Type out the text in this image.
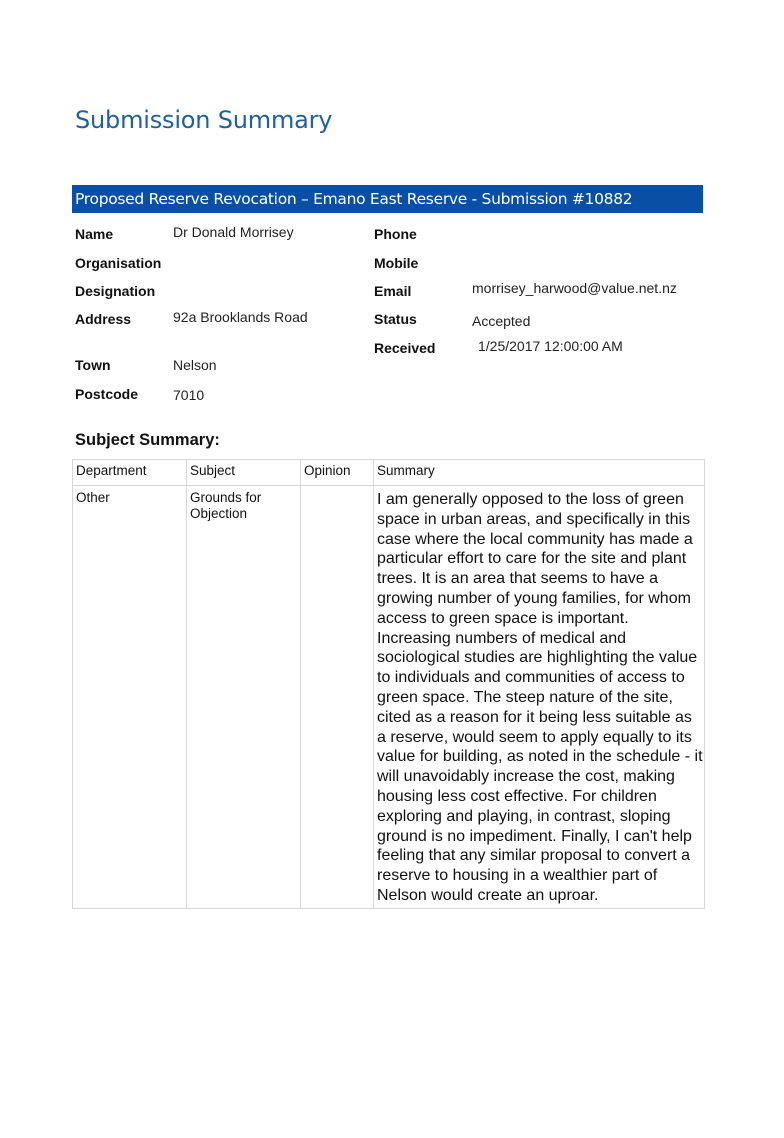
Submission Summary
Proposed Reserve Revocation – Emano East Reserve - Submission #10882
Name	Dr Donald Morrisey
Organisation
Designation
Address	92a Brooklands Road
Town	Nelson
Postcode 7010
Phone
Mobile
Email	morrisey_harwood@value.net.nz
Status	Accepted
Received	1/25/2017 12:00:00 AM
Subject Summary:
Department	Subject	Opinion	Summary
Other	Grounds for Objection		I am generally opposed to the loss of green space in urban areas, and specifically in this case where the local community has made a particular effort to care for the site and plant trees. It is an area that seems to have a growing number of young families, for whom access to green space is important. Increasing numbers of medical and sociological studies are highlighting the value to individuals and communities of access to green space. The steep nature of the site, cited as a reason for it being less suitable as a reserve, would seem to apply equally to its value for building, as noted in the schedule - it will unavoidably increase the cost, making housing less cost effective. For children exploring and playing, in contrast, sloping ground is no impediment. Finally, I can't help feeling that any similar proposal to convert a reserve to housing in a wealthier part of Nelson would create an uproar.
